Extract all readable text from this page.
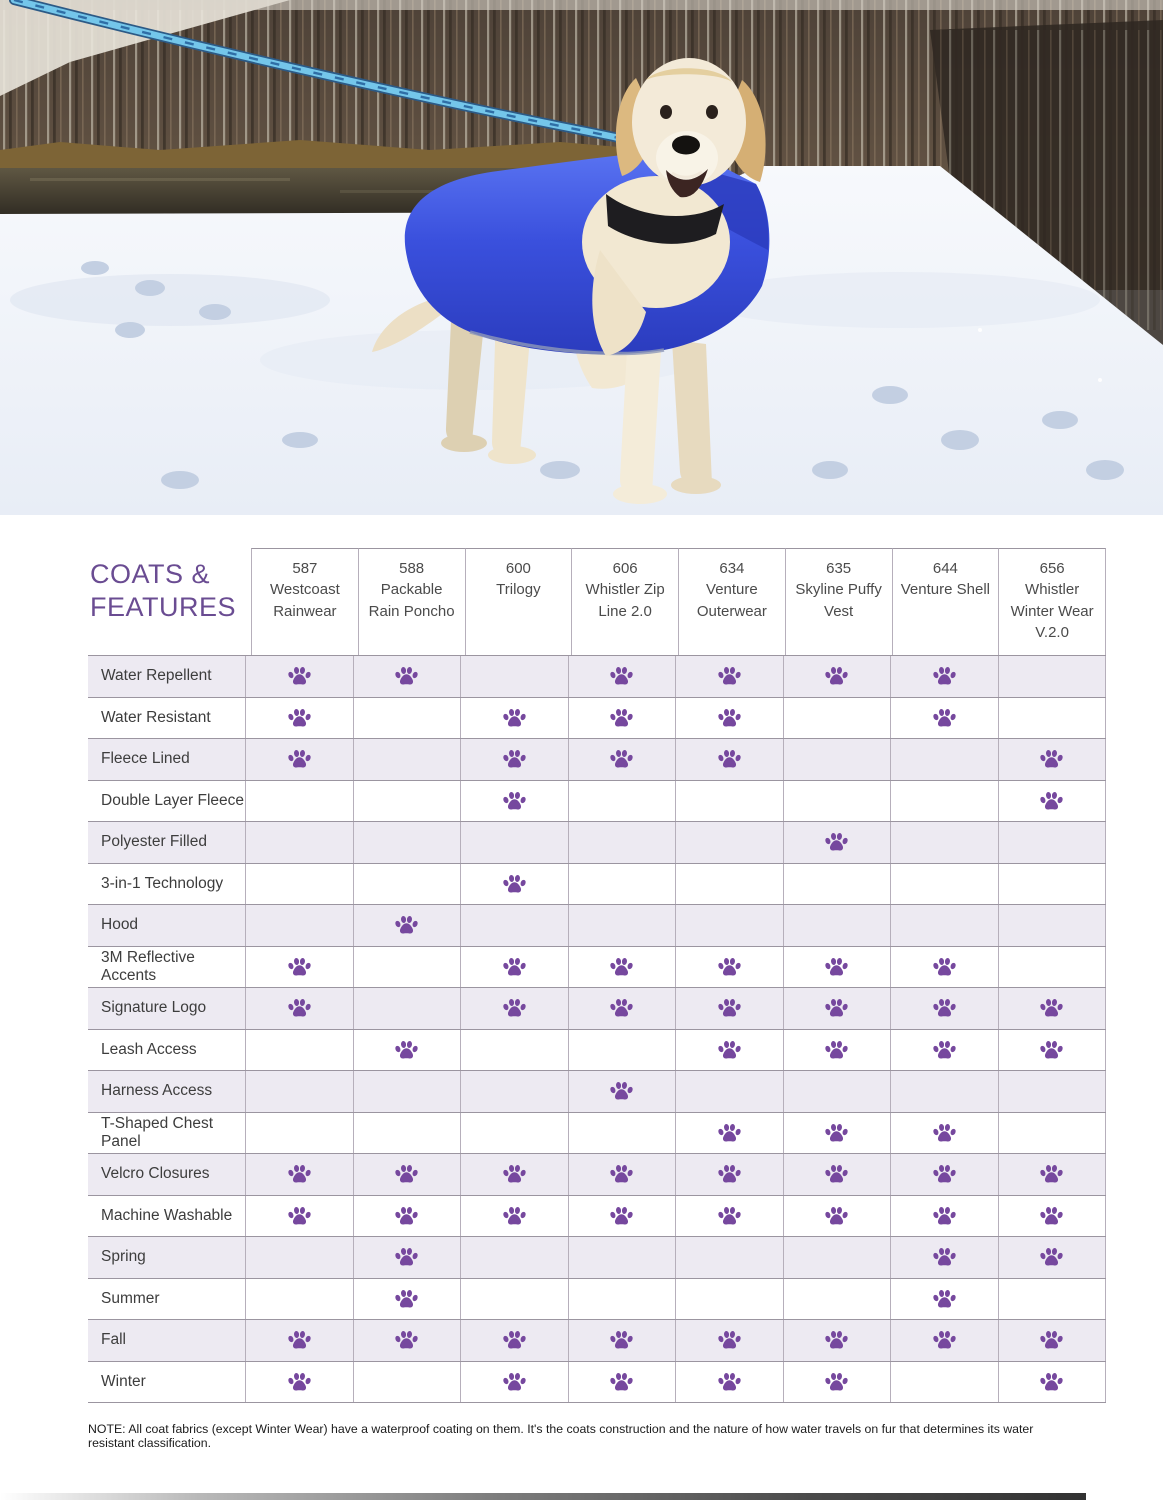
COATS &
FEATURES
587
Westcoast Rainwear
588
Packable Rain Poncho
600
Trilogy
606
Whistler Zip Line 2.0
634
Venture Outerwear
635
Skyline Puffy Vest
644
Venture Shell
656
Whistler Winter Wear V.2.0
Water Repellent
Water Resistant
Fleece Lined
Double Layer Fleece
Polyester Filled
3-in-1 Technology
Hood
3M Reflective Accents
Signature Logo
Leash Access
Harness Access
T-Shaped Chest Panel
Velcro Closures
Machine Washable
Spring
Summer
Fall
Winter
NOTE: All coat fabrics (except Winter Wear) have a waterproof coating on them. It's the coats construction and the nature of how water travels on fur that determines its water resistant classification.
